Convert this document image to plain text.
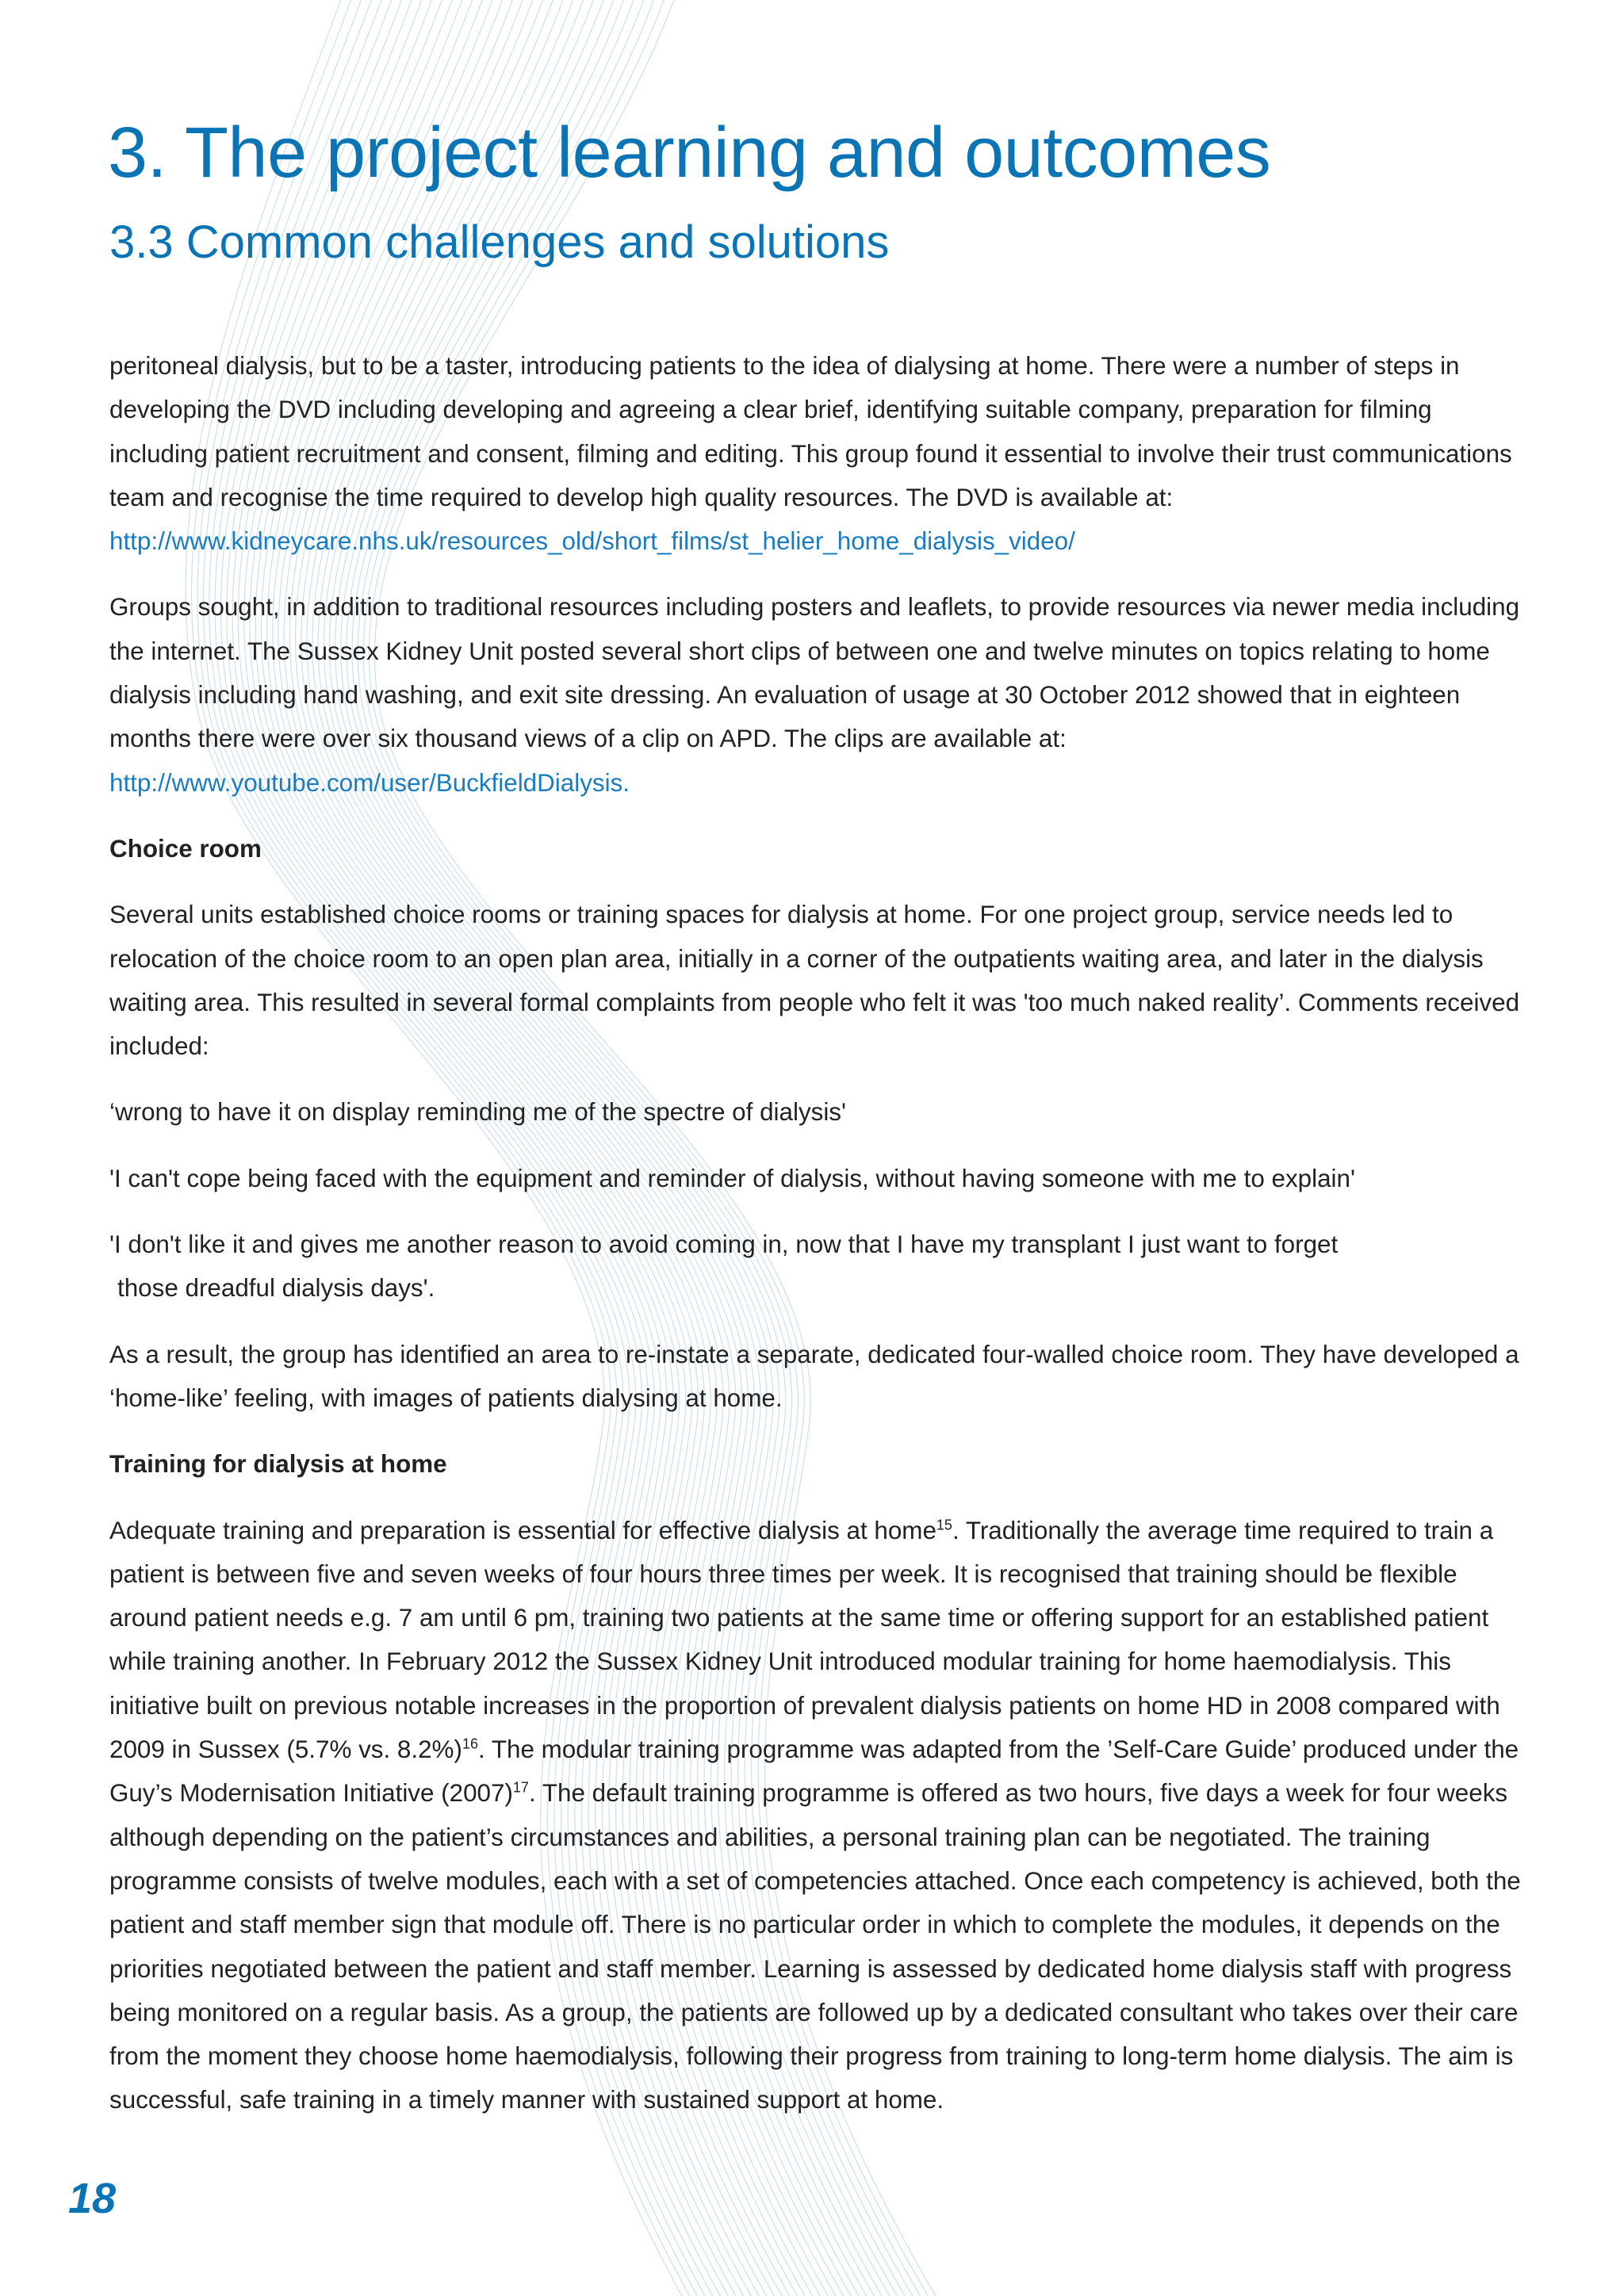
3. The project learning and outcomes
3.3 Common challenges and solutions

peritoneal dialysis, but to be a taster, introducing patients to the idea of dialysing at home. There were a number of steps in developing the DVD including developing and agreeing a clear brief, identifying suitable company, preparation for filming including patient recruitment and consent, filming and editing. This group found it essential to involve their trust communications team and recognise the time required to develop high quality resources. The DVD is available at:
http://www.kidneycare.nhs.uk/resources_old/short_films/st_helier_home_dialysis_video/

Groups sought, in addition to traditional resources including posters and leaflets, to provide resources via newer media including the internet. The Sussex Kidney Unit posted several short clips of between one and twelve minutes on topics relating to home dialysis including hand washing, and exit site dressing. An evaluation of usage at 30 October 2012 showed that in eighteen months there were over six thousand views of a clip on APD. The clips are available at:
http://www.youtube.com/user/BuckfieldDialysis.

Choice room

Several units established choice rooms or training spaces for dialysis at home. For one project group, service needs led to relocation of the choice room to an open plan area, initially in a corner of the outpatients waiting area, and later in the dialysis waiting area. This resulted in several formal complaints from people who felt it was 'too much naked reality’. Comments received included:

‘wrong to have it on display reminding me of the spectre of dialysis'

'I can't cope being faced with the equipment and reminder of dialysis, without having someone with me to explain'

'I don't like it and gives me another reason to avoid coming in, now that I have my transplant I just want to forget
those dreadful dialysis days'.

As a result, the group has identified an area to re-instate a separate, dedicated four-walled choice room. They have developed a ‘home-like’ feeling, with images of patients dialysing at home.

Training for dialysis at home

Adequate training and preparation is essential for effective dialysis at home$^{15}$. Traditionally the average time required to train a patient is between five and seven weeks of four hours three times per week. It is recognised that training should be flexible around patient needs e.g. 7 am until 6 pm, training two patients at the same time or offering support for an established patient while training another. In February 2012 the Sussex Kidney Unit introduced modular training for home haemodialysis. This initiative built on previous notable increases in the proportion of prevalent dialysis patients on home HD in 2008 compared with 2009 in Sussex (5.7% vs. 8.2%)$^{16}$. The modular training programme was adapted from the ’Self-Care Guide’ produced under the Guy’s Modernisation Initiative $(2007)^{17}$. The default training programme is offered as two hours, five days a week for four weeks although depending on the patient’s circumstances and abilities, a personal training plan can be negotiated. The training programme consists of twelve modules, each with a set of competencies attached. Once each competency is achieved, both the patient and staff member sign that module off. There is no particular order in which to complete the modules, it depends on the priorities negotiated between the patient and staff member. Learning is assessed by dedicated home dialysis staff with progress being monitored on a regular basis. As a group, the patients are followed up by a dedicated consultant who takes over their care from the moment they choose home haemodialysis, following their progress from training to long-term home dialysis. The aim is successful, safe training in a timely manner with sustained support at home.

18
